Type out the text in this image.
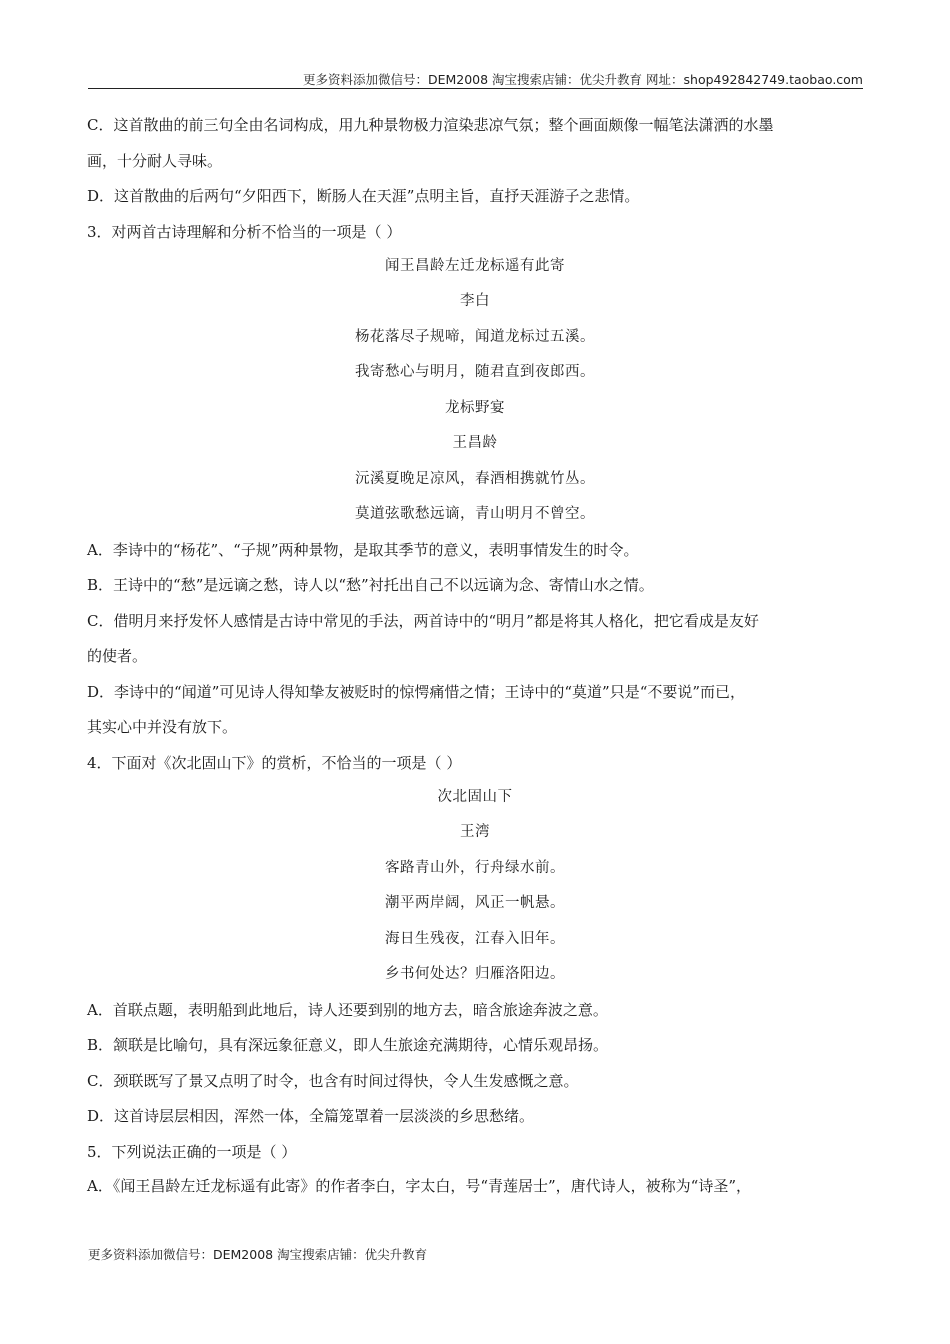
更多资料添加微信号：DEM2008 淘宝搜索店铺：优尖升教育 网址：shop492842749.taobao.com

C．这首散曲的前三句全由名词构成，用九种景物极力渲染悲凉气氛；整个画面颇像一幅笔法潇洒的水墨

画，十分耐人寻味。

D．这首散曲的后两句“夕阳西下，断肠人在天涯”点明主旨，直抒天涯游子之悲情。

3．对两首古诗理解和分析不恰当的一项是（ ）

闻王昌龄左迁龙标遥有此寄
李白
杨花落尽子规啼，闻道龙标过五溪。
我寄愁心与明月，随君直到夜郎西。
龙标野宴
王昌龄
沅溪夏晚足凉风，春酒相携就竹丛。
莫道弦歌愁远谪，青山明月不曾空。

A．李诗中的“杨花”、“子规”两种景物，是取其季节的意义，表明事情发生的时令。

B．王诗中的“愁”是远谪之愁，诗人以“愁”衬托出自己不以远谪为念、寄情山水之情。

C．借明月来抒发怀人感情是古诗中常见的手法，两首诗中的“明月”都是将其人格化，把它看成是友好

的使者。

D．李诗中的“闻道”可见诗人得知挚友被贬时的惊愕痛惜之情；王诗中的“莫道”只是“不要说”而已，

其实心中并没有放下。

4．下面对《次北固山下》的赏析，不恰当的一项是（ ）

次北固山下
王湾
客路青山外，行舟绿水前。
潮平两岸阔，风正一帆悬。
海日生残夜，江春入旧年。
乡书何处达？归雁洛阳边。

A．首联点题，表明船到此地后，诗人还要到别的地方去，暗含旅途奔波之意。

B．颔联是比喻句，具有深远象征意义，即人生旅途充满期待，心情乐观昂扬。

C．颈联既写了景又点明了时令，也含有时间过得快，令人生发感慨之意。

D．这首诗层层相因，浑然一体，全篇笼罩着一层淡淡的乡思愁绪。

5．下列说法正确的一项是（ ）

A．《闻王昌龄左迁龙标遥有此寄》的作者李白，字太白，号“青莲居士”，唐代诗人，被称为“诗圣”，

更多资料添加微信号：DEM2008 淘宝搜索店铺：优尖升教育
